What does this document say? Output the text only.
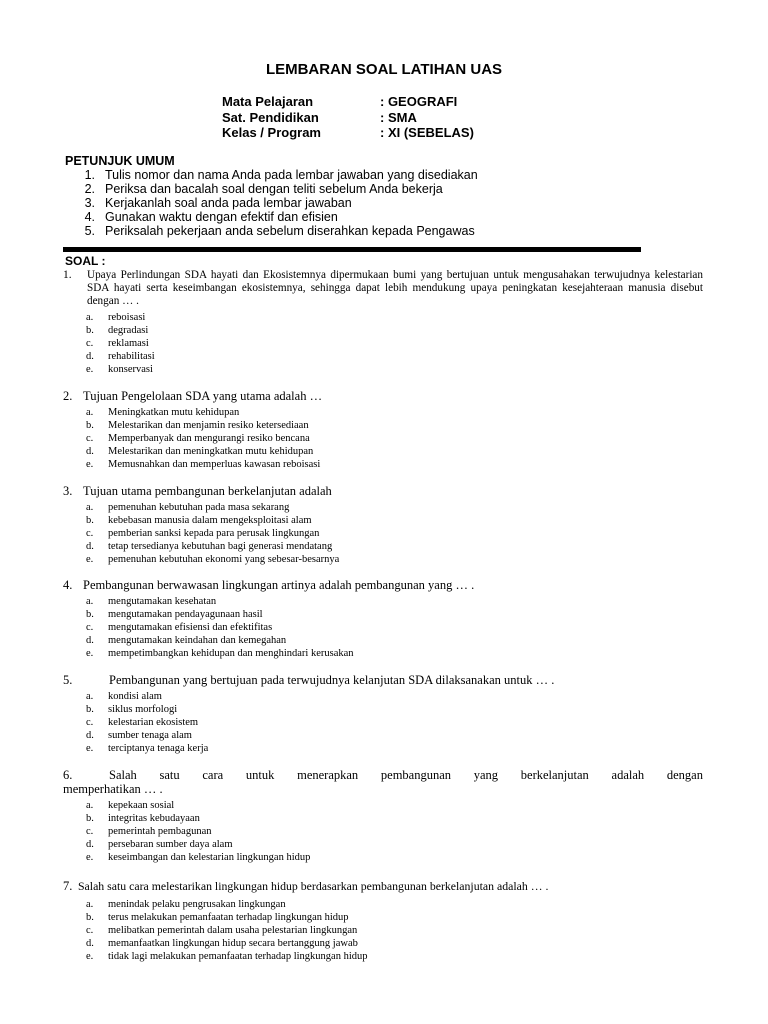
LEMBARAN SOAL LATIHAN UAS
Mata Pelajaran	: GEOGRAFI
Sat. Pendidikan	: SMA
Kelas / Program	: XI (SEBELAS)
PETUNJUK UMUM
1. Tulis nomor dan nama Anda pada lembar jawaban yang disediakan
2. Periksa dan bacalah soal dengan teliti sebelum Anda bekerja
3. Kerjakanlah soal anda pada lembar jawaban
4. Gunakan waktu dengan efektif dan efisien
5. Periksalah pekerjaan anda sebelum diserahkan kepada Pengawas
SOAL :
1.	Upaya Perlindungan SDA hayati dan Ekosistemnya dipermukaan bumi yang bertujuan untuk mengusahakan terwujudnya kelestarian SDA hayati serta keseimbangan ekosistemnya, sehingga dapat lebih mendukung upaya peningkatan kesejahteraan manusia disebut dengan … .
a. reboisasi
b. degradasi
c. reklamasi
d. rehabilitasi
e. konservasi
2. Tujuan Pengelolaan SDA yang utama adalah …
a. Meningkatkan mutu kehidupan
b. Melestarikan dan menjamin resiko ketersediaan
c. Memperbanyak dan mengurangi resiko bencana
d. Melestarikan dan meningkatkan mutu kehidupan
e. Memusnahkan dan memperluas kawasan reboisasi
3. Tujuan utama pembangunan berkelanjutan adalah
a. pemenuhan kebutuhan pada masa sekarang
b. kebebasan manusia dalam mengeksploitasi alam
c. pemberian sanksi kepada para perusak lingkungan
d. tetap tersedianya kebutuhan bagi generasi mendatang
e. pemenuhan kebutuhan ekonomi yang sebesar-besarnya
4. Pembangunan berwawasan lingkungan artinya adalah pembangunan yang … .
a. mengutamakan kesehatan
b. mengutamakan pendayagunaan hasil
c. mengutamakan efisiensi dan efektifitas
d. mengutamakan keindahan dan kemegahan
e. mempetimbangkan kehidupan dan menghindari kerusakan
5.	Pembangunan yang bertujuan pada terwujudnya kelanjutan SDA dilaksanakan untuk … .
a. kondisi alam
b. siklus morfologi
c. kelestarian ekosistem
d. sumber tenaga alam
e. terciptanya tenaga kerja
6.	Salah satu cara untuk menerapkan pembangunan yang berkelanjutan adalah dengan
memperhatikan … .
a. kepekaan sosial
b. integritas kebudayaan
c. pemerintah pembagunan
d. persebaran sumber daya alam
e. keseimbangan dan kelestarian lingkungan hidup
7. Salah satu cara melestarikan lingkungan hidup berdasarkan pembangunan berkelanjutan adalah … .
a. menindak pelaku pengrusakan lingkungan
b. terus melakukan pemanfaatan terhadap lingkungan hidup
c. melibatkan pemerintah dalam usaha pelestarian lingkungan
d. memanfaatkan lingkungan hidup secara bertanggung jawab
e. tidak lagi melakukan pemanfaatan terhadap lingkungan hidup
